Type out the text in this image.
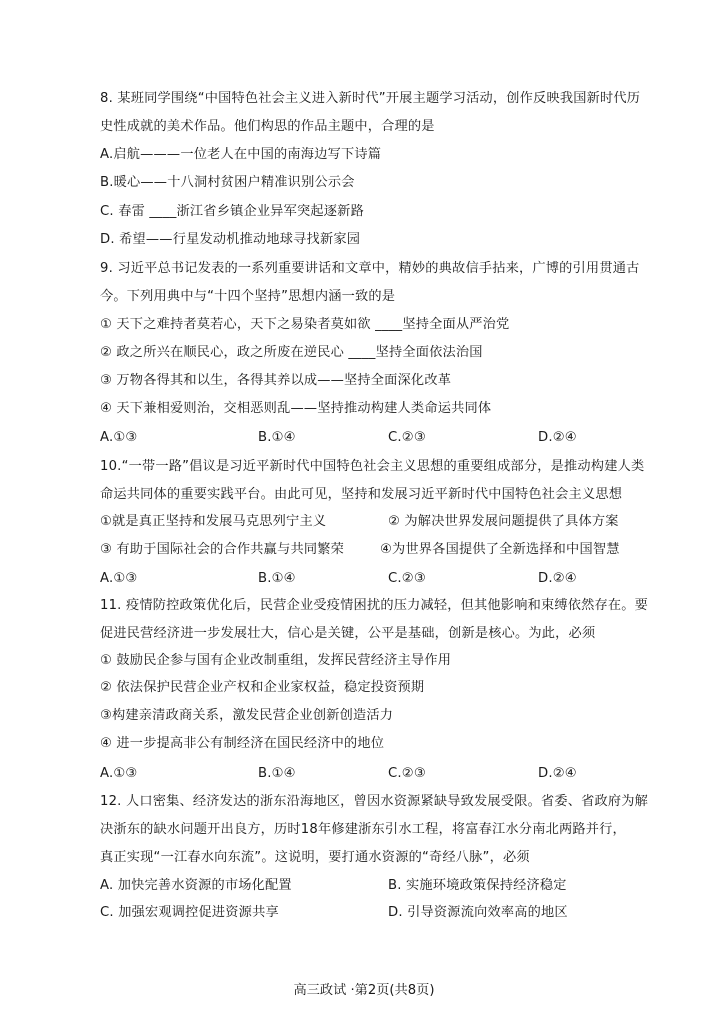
8. 某班同学围绕“中国特色社会主义进入新时代”开展主题学习活动，创作反映我国新时代历
史性成就的美术作品。他们构思的作品主题中，合理的是
A.启航———一位老人在中国的南海边写下诗篇
B.暖心——十八洞村贫困户精准识别公示会
C. 春雷 ____浙江省乡镇企业异军突起逐新路
D. 希望——行星发动机推动地球寻找新家园
9. 习近平总书记发表的一系列重要讲话和文章中，精妙的典故信手拈来，广博的引用贯通古
今。下列用典中与“十四个坚持”思想内涵一致的是
① 天下之难持者莫若心，天下之易染者莫如欲 ____坚持全面从严治党
② 政之所兴在顺民心，政之所废在逆民心 ____坚持全面依法治国
③ 万物各得其和以生，各得其养以成——坚持全面深化改革
④ 天下兼相爱则治，交相恶则乱——坚持推动构建人类命运共同体
A.①③	B.①④	C.②③	D.②④
10.“一带一路”倡议是习近平新时代中国特色社会主义思想的重要组成部分，是推动构建人类
命运共同体的重要实践平台。由此可见，坚持和发展习近平新时代中国特色社会主义思想
①就是真正坚持和发展马克思列宁主义	② 为解决世界发展问题提供了具体方案
③ 有助于国际社会的合作共赢与共同繁荣	④为世界各国提供了全新选择和中国智慧
A.①③	B.①④	C.②③	D.②④
11. 疫情防控政策优化后，民营企业受疫情困扰的压力减轻，但其他影响和束缚依然存在。要
促进民营经济进一步发展壮大，信心是关键，公平是基础，创新是核心。为此，必须
① 鼓励民企参与国有企业改制重组，发挥民营经济主导作用
② 依法保护民营企业产权和企业家权益，稳定投资预期
③构建亲清政商关系，激发民营企业创新创造活力
④ 进一步提高非公有制经济在国民经济中的地位
A.①③	B.①④	C.②③	D.②④
12. 人口密集、经济发达的浙东沿海地区，曾因水资源紧缺导致发展受限。省委、省政府为解
决浙东的缺水问题开出良方，历时18年修建浙东引水工程，将富春江水分南北两路并行，
真正实现“一江春水向东流”。这说明，要打通水资源的“奇经八脉”，必须
A. 加快完善水资源的市场化配置	B. 实施环境政策保持经济稳定
C. 加强宏观调控促进资源共享	D. 引导资源流向效率高的地区
高三政试 ·第2页(共8页)
